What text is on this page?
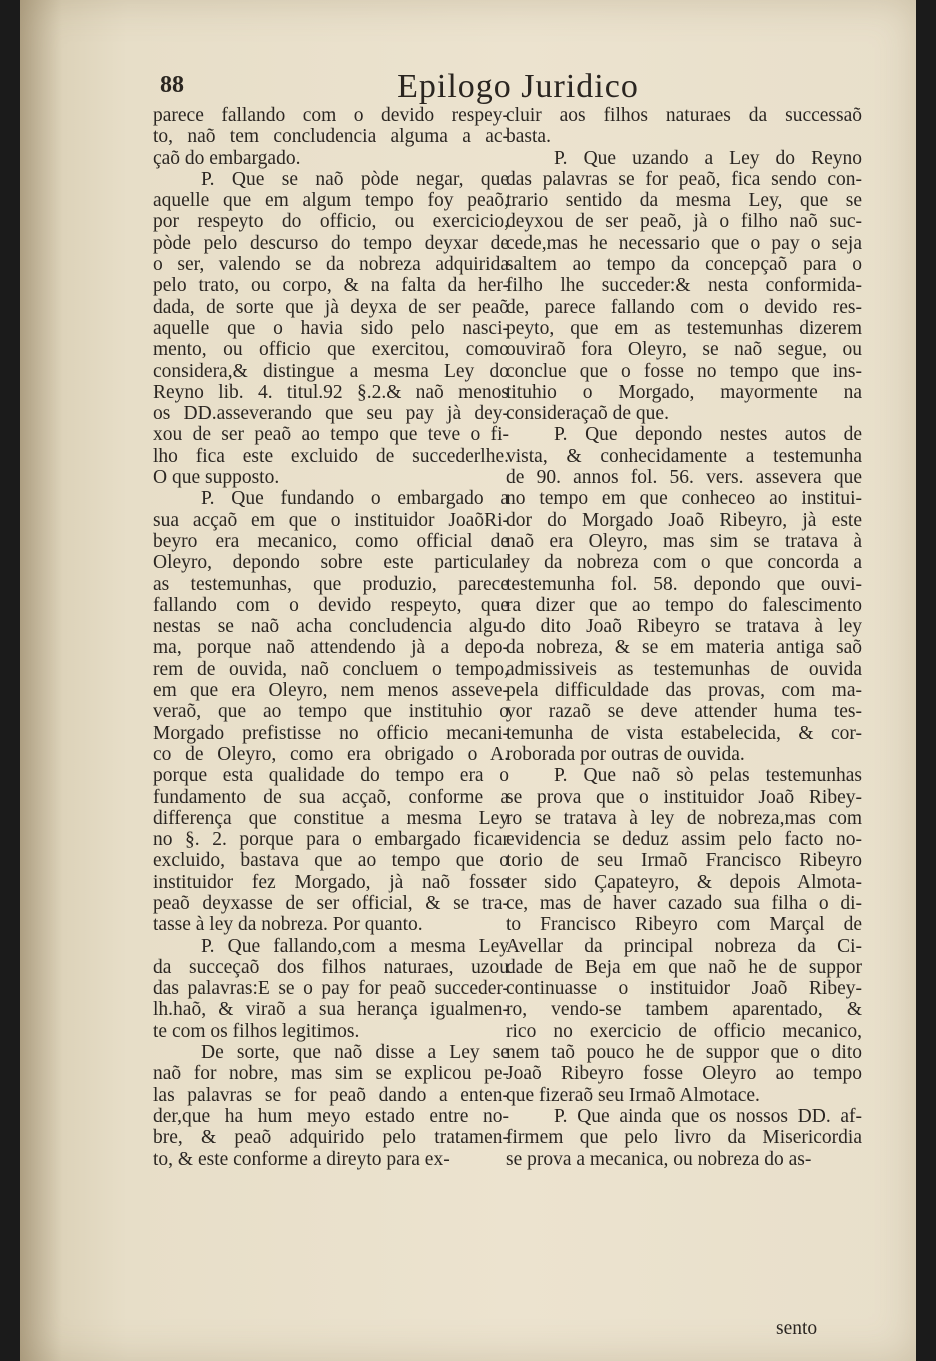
88	Epilogo Juridico
parece fallando com o devido respey-
to, naõ tem concludencia alguma a ac-
çaõ do embargado.
P. Que se naõ pòde negar, que
aquelle que em algum tempo foy peaõ,
por respeyto do officio, ou exercicio,
pòde pelo descurso do tempo deyxar de
o ser, valendo se da nobreza adquirida
pelo trato, ou corpo, & na falta da her-
dada, de sorte que jà deyxa de ser peaõ
aquelle que o havia sido pelo nasci-
mento, ou officio que exercitou, como
considera,& distingue a mesma Ley do
Reyno lib. 4. titul.92 §.2.& naõ menos
os DD.asseverando que seu pay jà dey-
xou de ser peaõ ao tempo que teve o fi-
lho fica este excluido de succederlhe.
O que supposto.
P. Que fundando o embargado a
sua acçaõ em que o instituidor JoaõRi-
beyro era mecanico, como official de
Oleyro, depondo sobre este particular
as testemunhas, que produzio, parece
fallando com o devido respeyto, que
nestas se naõ acha concludencia algu-
ma, porque naõ attendendo jà a depo-
rem de ouvida, naõ concluem o tempo,
em que era Oleyro, nem menos asseve-
veraõ, que ao tempo que instituhio o
Morgado prefistisse no officio mecani-
co de Oleyro, como era obrigado o A.
porque esta qualidade do tempo era o
fundamento de sua acçaõ, conforme a
differença que constitue a mesma Ley
no §. 2. porque para o embargado ficar
excluido, bastava que ao tempo que o
instituidor fez Morgado, jà naõ fosse
peaõ deyxasse de ser official, & se tra-
tasse à ley da nobreza. Por quanto.
P. Que fallando,com a mesma Ley
da succeçaõ dos filhos naturaes, uzou
das palavras:E se o pay for peaõ succeder-
lh.haõ, & viraõ a sua herança igualmen-
te com os filhos legitimos.
De sorte, que naõ disse a Ley se
naõ for nobre, mas sim se explicou pe-
las palavras se for peaõ dando a enten-
der,que ha hum meyo estado entre no-
bre, & peaõ adquirido pelo tratamen-
to, & este conforme a direyto para ex-
cluir aos filhos naturaes da successaõ
basta.
P. Que uzando a Ley do Reyno
das palavras se for peaõ, fica sendo con-
trario sentido da mesma Ley, que se
deyxou de ser peaõ, jà o filho naõ suc-
cede,mas he necessario que o pay o seja
saltem ao tempo da concepçaõ para o
filho lhe succeder:& nesta conformida-
de, parece fallando com o devido res-
peyto, que em as testemunhas dizerem
ouviraõ fora Oleyro, se naõ segue, ou
conclue que o fosse no tempo que ins-
tituhio o Morgado, mayormente na
consideraçaõ de que.
P. Que depondo nestes autos de
vista, & conhecidamente a testemunha
de 90. annos fol. 56. vers. assevera que
no tempo em que conheceo ao institui-
dor do Morgado Joaõ Ribeyro, jà este
naõ era Oleyro, mas sim se tratava à
ley da nobreza com o que concorda a
testemunha fol. 58. depondo que ouvi-
ra dizer que ao tempo do falescimento
do dito Joaõ Ribeyro se tratava à ley
da nobreza, & se em materia antiga saõ
admissiveis as testemunhas de ouvida
pela difficuldade das provas, com ma-
yor razaõ se deve attender huma tes-
temunha de vista estabelecida, & cor-
roborada por outras de ouvida.
P. Que naõ sò pelas testemunhas
se prova que o instituidor Joaõ Ribey-
ro se tratava à ley de nobreza,mas com
evidencia se deduz assim pelo facto no-
torio de seu Irmaõ Francisco Ribeyro
ter sido Çapateyro, & depois Almota-
ce, mas de haver cazado sua filha o di-
to Francisco Ribeyro com Marçal de
Avellar da principal nobreza da Ci-
dade de Beja em que naõ he de suppor
continuasse o instituidor Joaõ Ribey-
ro, vendo-se tambem aparentado, &
rico no exercicio de officio mecanico,
nem taõ pouco he de suppor que o dito
Joaõ Ribeyro fosse Oleyro ao tempo
que fizeraõ seu Irmaõ Almotace.
P. Que ainda que os nossos DD. af-
firmem que pelo livro da Misericordia
se prova a mecanica, ou nobreza do as-
sento
